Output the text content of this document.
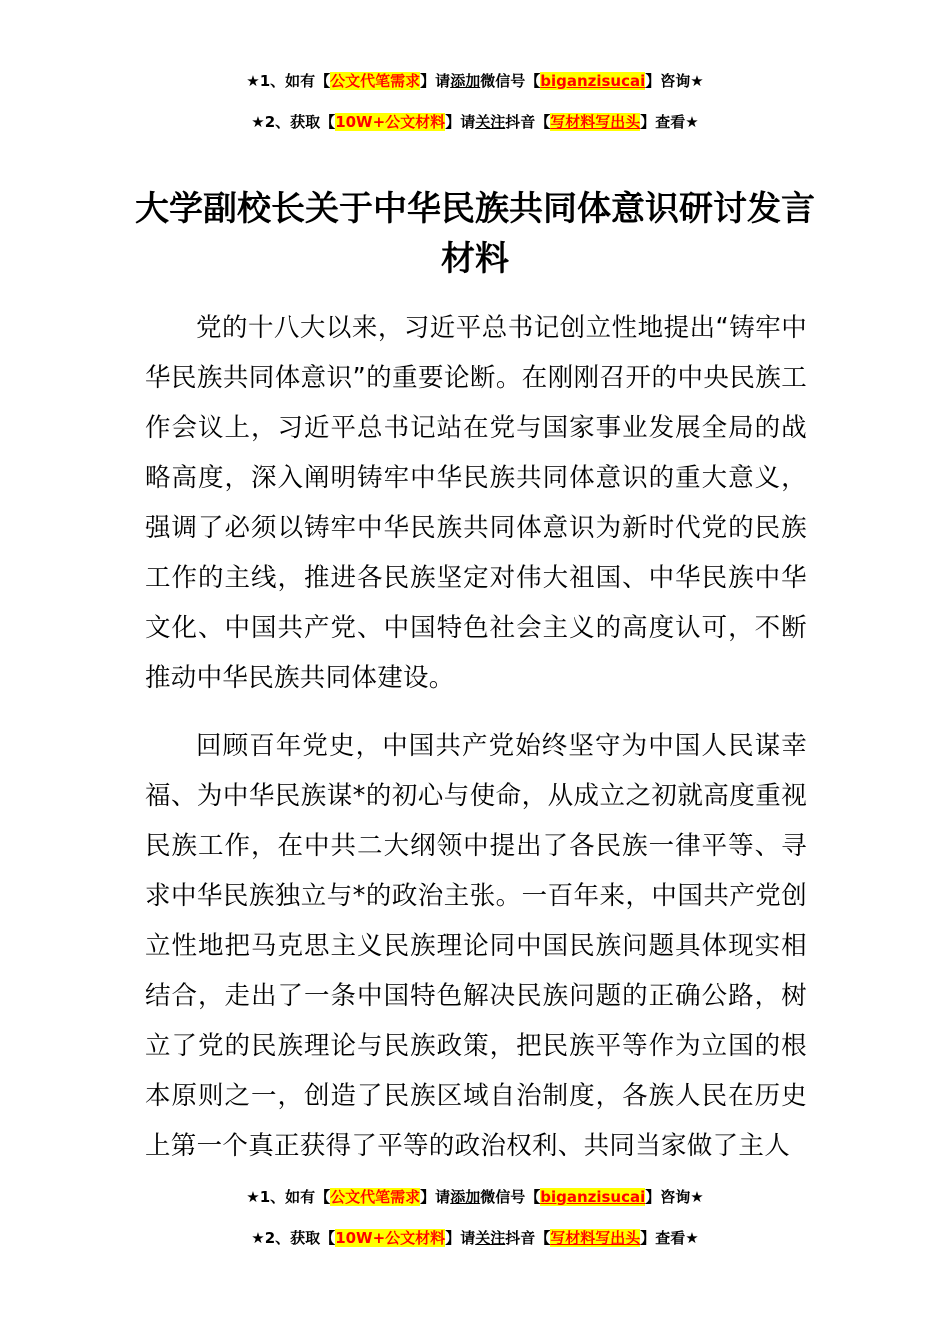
★1、如有【公文代笔需求】请添加微信号【biganzisucai】咨询★
★2、获取【10W+公文材料】请关注抖音【写材料写出头】查看★
大学副校长关于中华民族共同体意识研讨发言材料

党的十八大以来，习近平总书记创立性地提出“铸牢中华民族共同体意识”的重要论断。在刚刚召开的中央民族工作会议上，习近平总书记站在党与国家事业发展全局的战略高度，深入阐明铸牢中华民族共同体意识的重大意义，强调了必须以铸牢中华民族共同体意识为新时代党的民族工作的主线，推进各民族坚定对伟大祖国、中华民族中华文化、中国共产党、中国特色社会主义的高度认可，不断推动中华民族共同体建设。

回顾百年党史，中国共产党始终坚守为中国人民谋幸福、为中华民族谋*的初心与使命，从成立之初就高度重视民族工作，在中共二大纲领中提出了各民族一律平等、寻求中华民族独立与*的政治主张。一百年来，中国共产党创立性地把马克思主义民族理论同中国民族问题具体现实相结合，走出了一条中国特色解决民族问题的正确公路，树立了党的民族理论与民族政策，把民族平等作为立国的根本原则之一，创造了民族区域自治制度，各族人民在历史上第一个真正获得了平等的政治权利、共同当家做了主人

★1、如有【公文代笔需求】请添加微信号【biganzisucai】咨询★
★2、获取【10W+公文材料】请关注抖音【写材料写出头】查看★
